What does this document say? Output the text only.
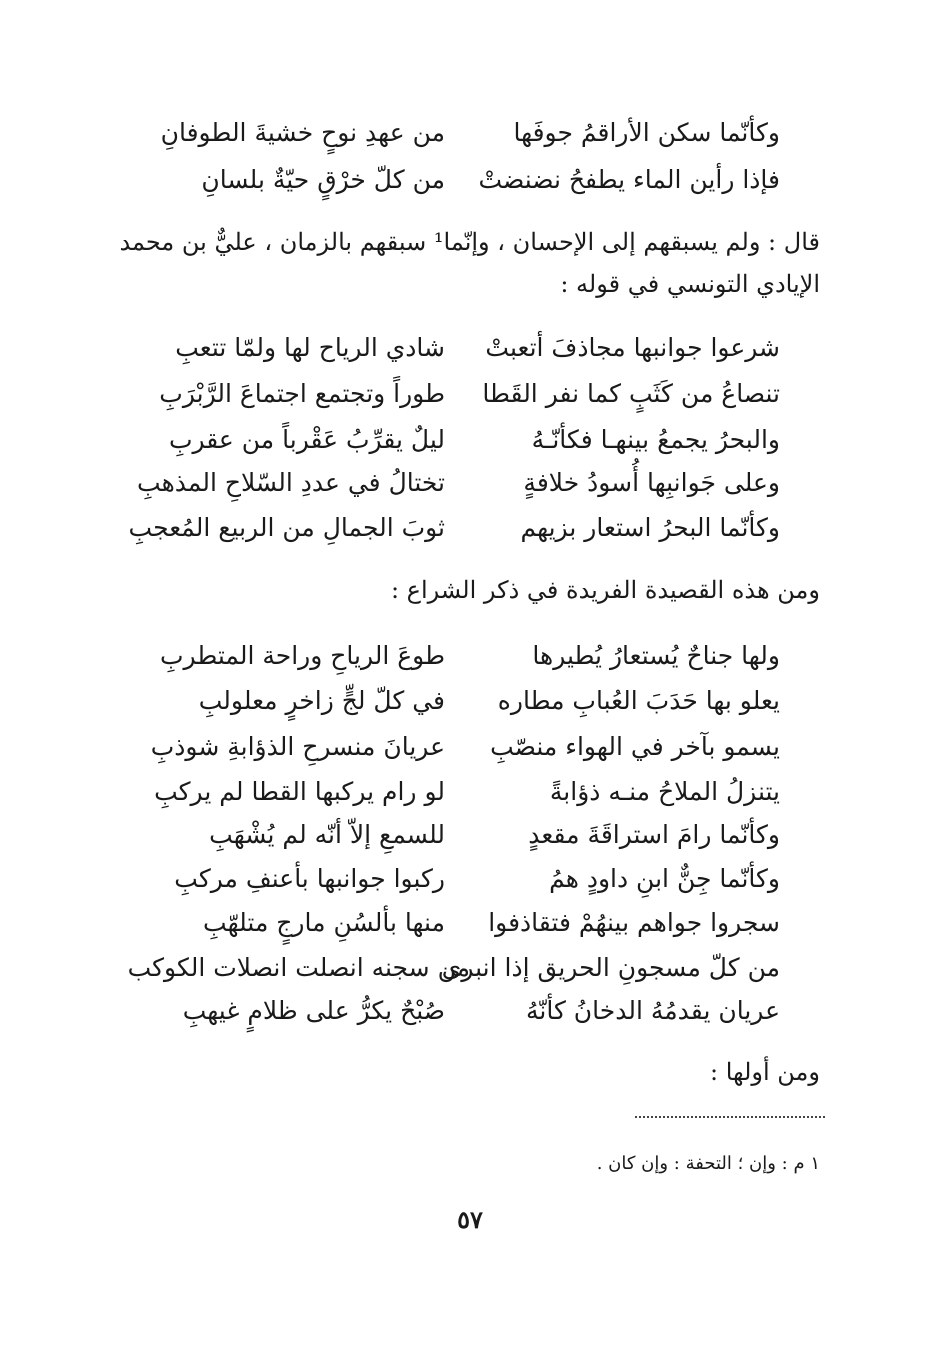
وكأنّما سكن الأراقمُ جوفَها
من عهدِ نوحٍ خشيةَ الطوفانِ
فإذا رأين الماء يطفحُ نضنضتْ
من كلّ خرْقٍ حيّةٌ بلسانِ
قال : ولم يسبقهم إلى الإحسان ، وإنّما¹ سبقهم بالزمان ، عليٌّ بن محمد
الإيادي التونسي في قوله :
شرعوا جوانبها مجاذفَ أتعبتْ
شادي الرياح لها ولمّا تتعبِ
تنصاعُ من كَثَبٍ كما نفر القَطا
طوراً وتجتمع اجتماعَ الرَّبْرَبِ
والبحرُ يجمعُ بينهـا فكأنّـهُ
ليلٌ يقرِّبُ عَقْرباً من عقربِ
وعلى جَوانبِها أُسودُ خلافةٍ
تختالُ في عددِ السّلاحِ المذهبِ
وكأنّما البحرُ استعار بزيهم
ثوبَ الجمالِ من الربيع المُعجبِ
ومن هذه القصيدة الفريدة في ذكر الشراع :
ولها جناحٌ يُستعارُ يُطيرها
طوعَ الرياحِ وراحة المتطربِ
يعلو بها حَدَبَ العُبابِ مطاره
في كلّ لجٍّ زاخرٍ معلولبِ
يسمو بآخر في الهواء منصّبِ
عريانَ منسرحِ الذؤابةِ شوذبِ
يتنزلُ الملاحُ منـه ذؤابةً
لو رام يركبها القطا لم يركبِ
وكأنّما رامَ استراقَةَ مقعدٍ
للسمعِ إلاّ أنّه لم يُشْهَبِ
وكأنّما جِنٌّ ابنِ داودٍ همُ
ركبوا جوانبها بأعنفِ مركبِ
سجروا جواهم بينهُمْ فتقاذفوا
منها بألسُنِ مارجٍ متلهّبِ
من كلّ مسجونِ الحريق إذا انبرى
من سجنه انصلت انصلات الكوكب
عريان يقدمُهُ الدخانُ كأنّهُ
صُبْحٌ يكرُّ على ظلامٍ غيهبِ
ومن أولها :
١ م : وإن ؛ التحفة : وإن كان .
٥٧
